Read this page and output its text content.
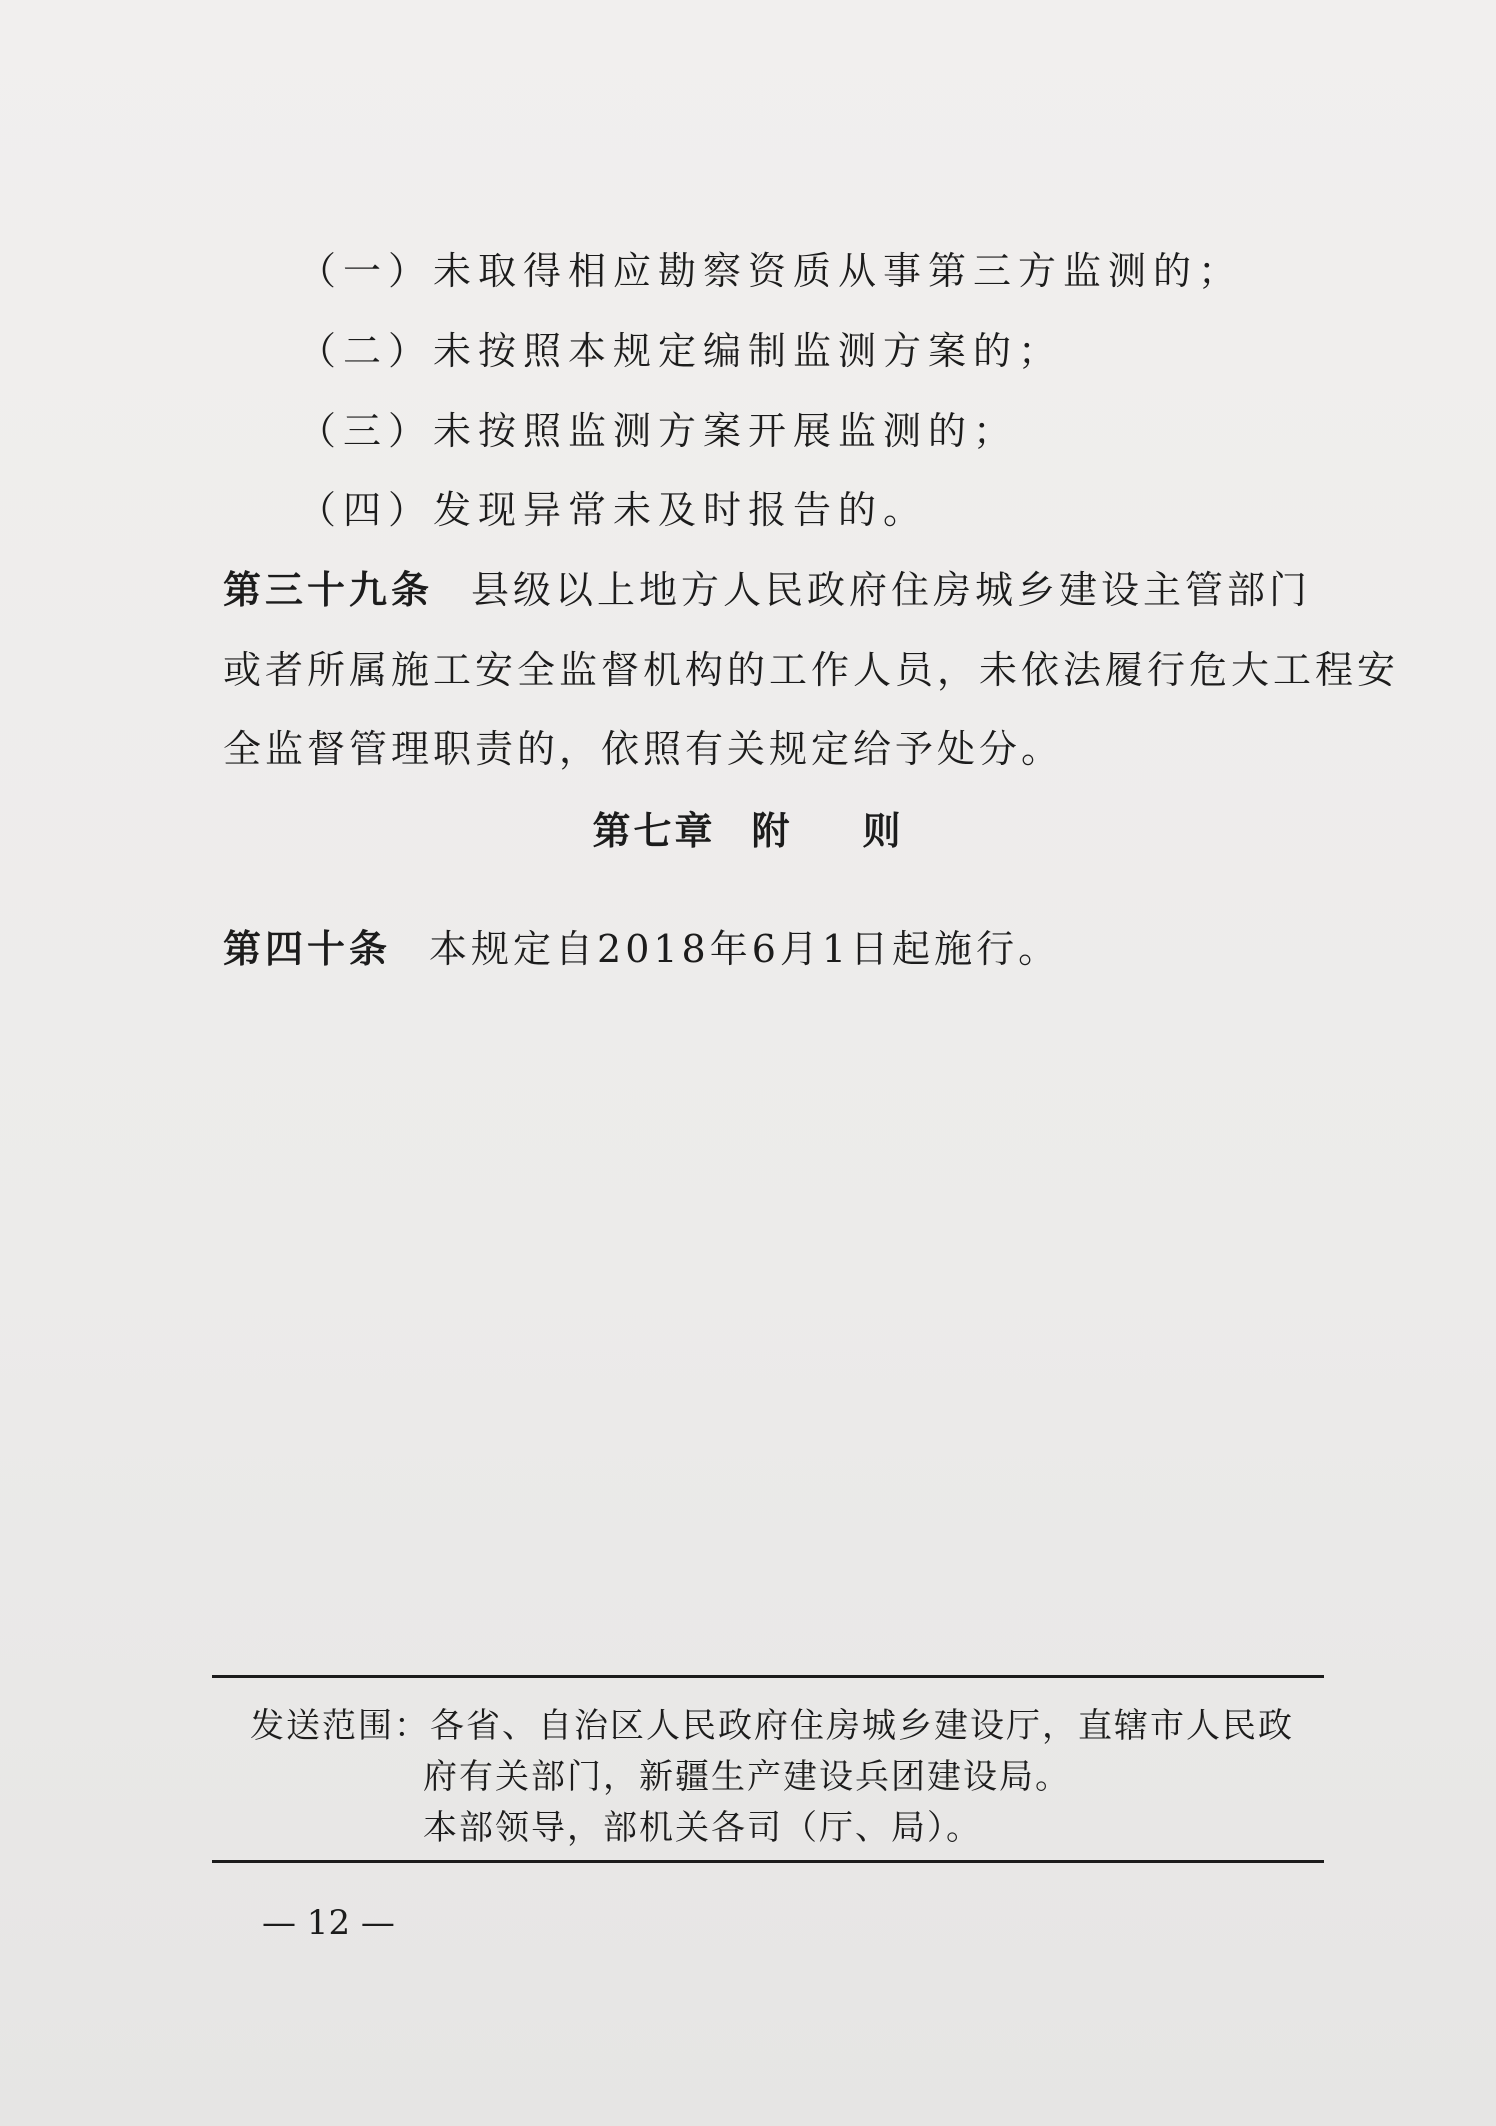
（一）未取得相应勘察资质从事第三方监测的；
（二）未按照本规定编制监测方案的；
（三）未按照监测方案开展监测的；
（四）发现异常未及时报告的。
第三十九条 县级以上地方人民政府住房城乡建设主管部门
或者所属施工安全监督机构的工作人员，未依法履行危大工程安
全监督管理职责的，依照有关规定给予处分。
第七章 附 则
第四十条 本规定自2018年6月1日起施行。
发送范围：各省、自治区人民政府住房城乡建设厅，直辖市人民政
府有关部门，新疆生产建设兵团建设局。
本部领导，部机关各司（厅、局）。
— 12 —
